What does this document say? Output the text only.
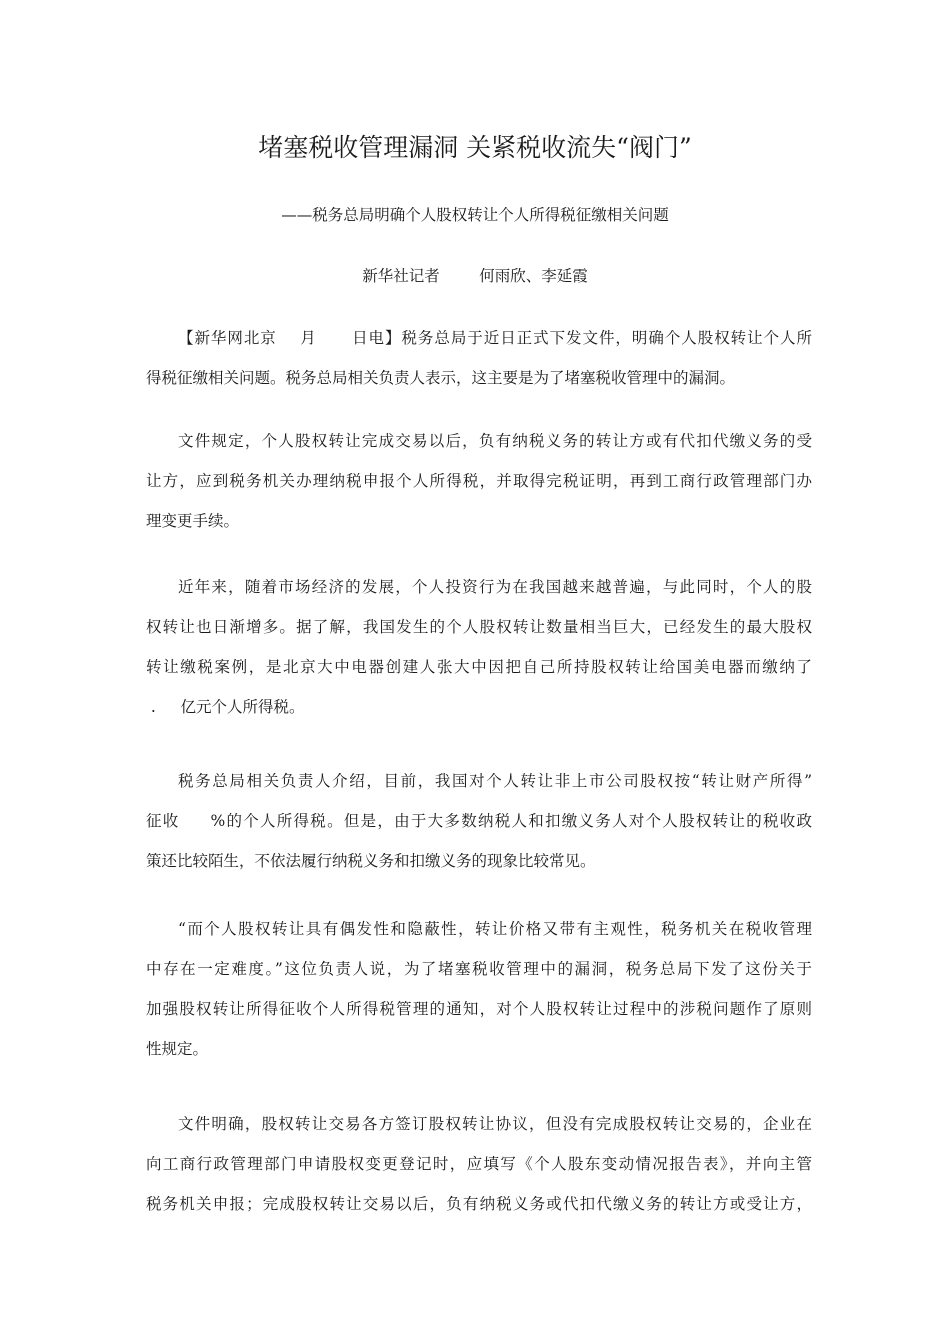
堵塞税收管理漏洞 关紧税收流失“阀门”
——税务总局明确个人股权转让个人所得税征缴相关问题
新华社记者        何雨欣、李延霞
【新华网北京    月      日电】税务总局于近日正式下发文件，明确个人股权转让个人所
得税征缴相关问题。税务总局相关负责人表示，这主要是为了堵塞税收管理中的漏洞。
文件规定，个人股权转让完成交易以后，负有纳税义务的转让方或有代扣代缴义务的受
让方，应到税务机关办理纳税申报个人所得税，并取得完税证明，再到工商行政管理部门办
理变更手续。
近年来，随着市场经济的发展，个人投资行为在我国越来越普遍，与此同时，个人的股
权转让也日渐增多。据了解，我国发生的个人股权转让数量相当巨大，已经发生的最大股权
转让缴税案例，是北京大中电器创建人张大中因把自己所持股权转让给国美电器而缴纳了
.     亿元个人所得税。
税务总局相关负责人介绍，目前，我国对个人转让非上市公司股权按“转让财产所得”
征收     %的个人所得税。但是，由于大多数纳税人和扣缴义务人对个人股权转让的税收政
策还比较陌生，不依法履行纳税义务和扣缴义务的现象比较常见。
“而个人股权转让具有偶发性和隐蔽性，转让价格又带有主观性，税务机关在税收管理
中存在一定难度。”这位负责人说，为了堵塞税收管理中的漏洞，税务总局下发了这份关于
加强股权转让所得征收个人所得税管理的通知，对个人股权转让过程中的涉税问题作了原则
性规定。
文件明确，股权转让交易各方签订股权转让协议，但没有完成股权转让交易的，企业在
向工商行政管理部门申请股权变更登记时，应填写《个人股东变动情况报告表》，并向主管
税务机关申报；完成股权转让交易以后，负有纳税义务或代扣代缴义务的转让方或受让方，
